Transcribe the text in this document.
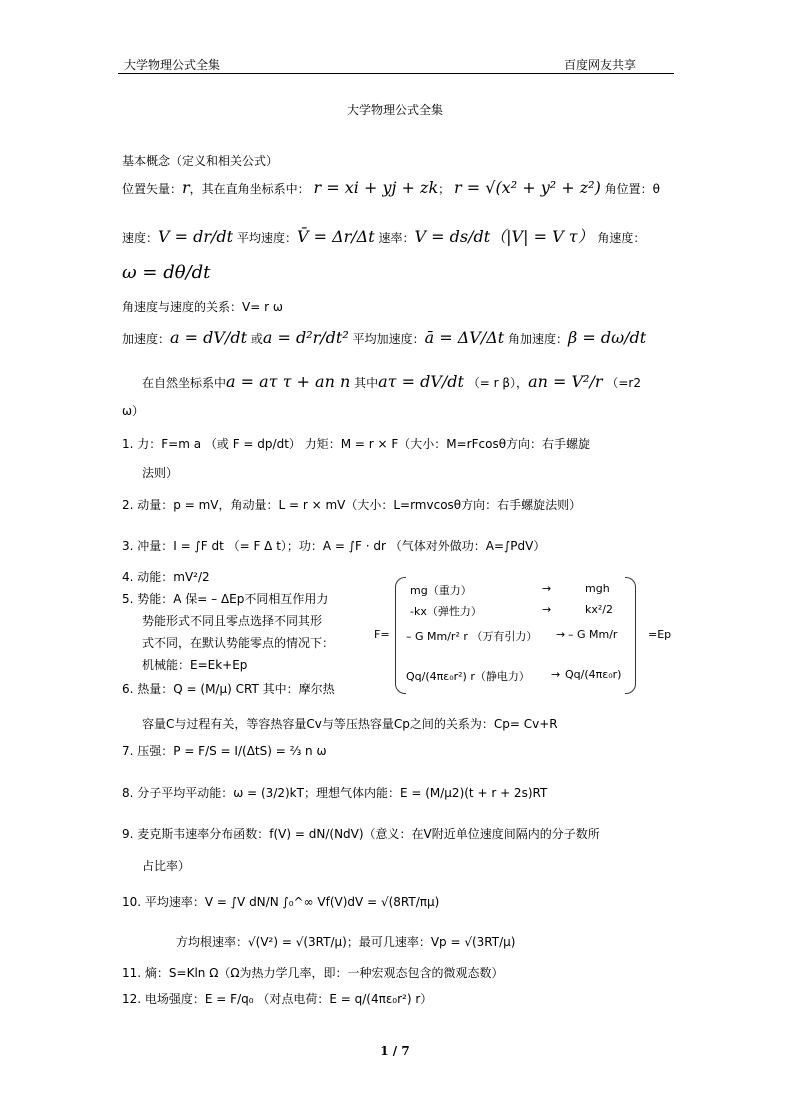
大学物理公式全集	百度网友共享
大学物理公式全集
基本概念（定义和相关公式）
位置矢量：r，其在直角坐标系中： r = xi + yj + zk； r = √(x² + y² + z²) 角位置：θ
速度：V = dr/dt 平均速度：V̄ = Δr/Δt 速率：V = ds/dt（|V| = V τ） 角速度：
ω = dθ/dt
角速度与速度的关系：V= r ω
加速度：a = dV/dt 或a = d²r/dt² 平均加速度：ā = ΔV/Δt 角加速度：β = dω/dt
在自然坐标系中a = aτ τ + an n 其中aτ = dV/dt （= r β），an = V²/r （=r2
ω）
1. 力：F=m a （或 F = dp/dt） 力矩：M = r × F（大小：M=rFcosθ方向：右手螺旋
法则）
2. 动量：p = mV，角动量：L = r × mV（大小：L=rmvcosθ方向：右手螺旋法则）
3. 冲量：I = ∫F dt （= F Δ t）；功：A = ∫F · dr （气体对外做功：A=∫PdV）
4. 动能：mV²/2
5. 势能：A 保= – ΔEp不同相互作用力
势能形式不同且零点选择不同其形
式不同，在默认势能零点的情况下：
机械能：E=Ek+Ep
F=
mg（重力）	→	mgh
-kx（弹性力）	→	kx²/2
– G Mm/r² r （万有引力） → – G Mm/r
Qq/(4πε₀r²) r（静电力） → Qq/(4πε₀r)
=Ep
6. 热量：Q = (M/μ) CRT 其中：摩尔热
容量C与过程有关，等容热容量Cv与等压热容量Cp之间的关系为：Cp= Cv+R
7. 压强：P = F/S = I/(ΔtS) = ⅔ n ω
8. 分子平均平动能：ω = (3/2)kT；理想气体内能：E = (M/μ2)(t + r + 2s)RT
9. 麦克斯韦速率分布函数：f(V) = dN/(NdV)（意义：在V附近单位速度间隔内的分子数所
占比率）
10. 平均速率：V = ∫V dN/N ∫₀^∞ Vf(V)dV = √(8RT/πμ)
方均根速率：√(V²) = √(3RT/μ)；最可几速率：Vp = √(3RT/μ)
11. 熵：S=Kln Ω（Ω为热力学几率，即：一种宏观态包含的微观态数）
12. 电场强度：E = F/q₀ （对点电荷：E = q/(4πε₀r²) r）
1 / 7
